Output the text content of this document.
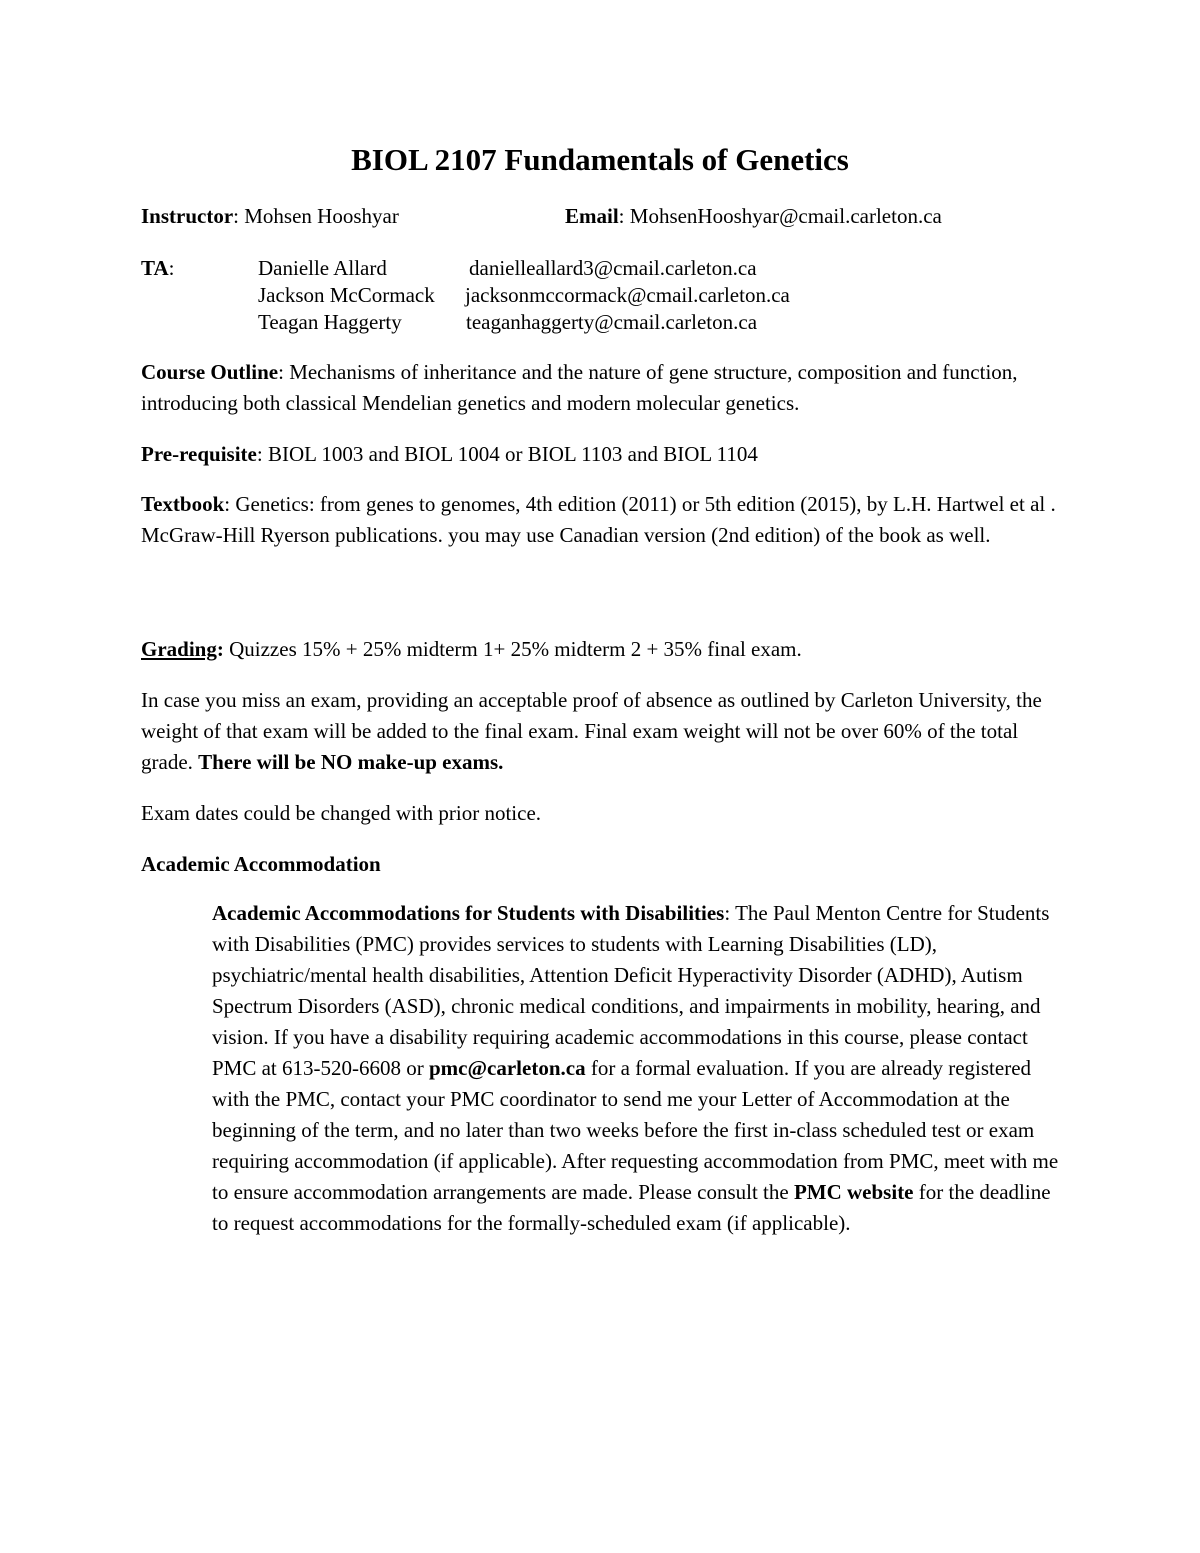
BIOL 2107 Fundamentals of Genetics
Instructor: Mohsen Hooshyar	Email: MohsenHooshyar@cmail.carleton.ca
TA:	Danielle Allard	danielleallard3@cmail.carleton.ca
Jackson McCormack jacksonmccormack@cmail.carleton.ca
Teagan Haggerty	teaganhaggerty@cmail.carleton.ca
Course Outline: Mechanisms of inheritance and the nature of gene structure, composition and function, introducing both classical Mendelian genetics and modern molecular genetics.
Pre-requisite: BIOL 1003 and BIOL 1004 or BIOL 1103 and BIOL 1104
Textbook: Genetics: from genes to genomes, 4th edition (2011) or 5th edition (2015), by L.H. Hartwel et al . McGraw-Hill Ryerson publications. you may use Canadian version (2nd edition) of the book as well.
Grading: Quizzes 15% + 25% midterm 1+ 25% midterm 2 + 35% final exam.
In case you miss an exam, providing an acceptable proof of absence as outlined by Carleton University, the weight of that exam will be added to the final exam. Final exam weight will not be over 60% of the total grade. There will be NO make-up exams.
Exam dates could be changed with prior notice.
Academic Accommodation
Academic Accommodations for Students with Disabilities: The Paul Menton Centre for Students with Disabilities (PMC) provides services to students with Learning Disabilities (LD), psychiatric/mental health disabilities, Attention Deficit Hyperactivity Disorder (ADHD), Autism Spectrum Disorders (ASD), chronic medical conditions, and impairments in mobility, hearing, and vision. If you have a disability requiring academic accommodations in this course, please contact PMC at 613-520-6608 or pmc@carleton.ca for a formal evaluation. If you are already registered with the PMC, contact your PMC coordinator to send me your Letter of Accommodation at the beginning of the term, and no later than two weeks before the first in-class scheduled test or exam requiring accommodation (if applicable). After requesting accommodation from PMC, meet with me to ensure accommodation arrangements are made. Please consult the PMC website for the deadline to request accommodations for the formally-scheduled exam (if applicable).
